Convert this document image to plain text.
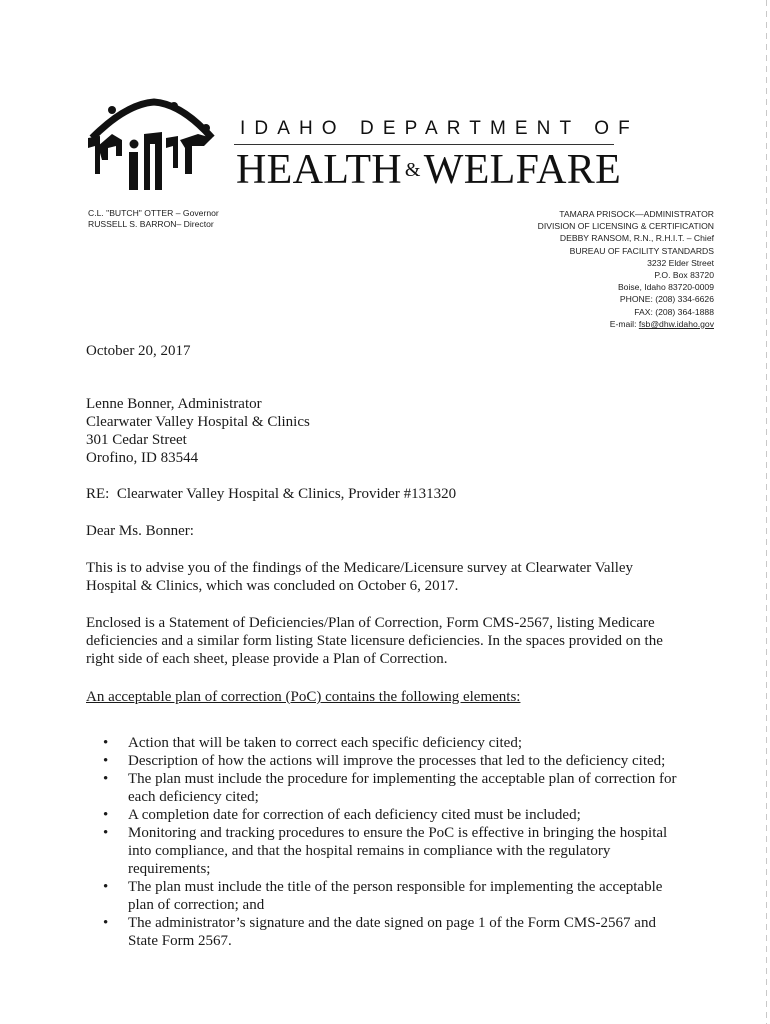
IDAHO DEPARTMENT OF
HEALTH &WELFARE
C.L. "BUTCH" OTTER – Governor
RUSSELL S. BARRON– Director
TAMARA PRISOCK—ADMINISTRATOR
DIVISION OF LICENSING & CERTIFICATION
DEBBY RANSOM, R.N., R.H.I.T. – Chief
BUREAU OF FACILITY STANDARDS
3232 Elder Street
P.O. Box 83720
Boise, Idaho 83720-0009
PHONE: (208) 334-6626
FAX: (208) 364-1888
E-mail: fsb@dhw.idaho.gov
October 20, 2017
Lenne Bonner, Administrator
Clearwater Valley Hospital & Clinics
301 Cedar Street
Orofino, ID 83544
RE:  Clearwater Valley Hospital & Clinics, Provider #131320
Dear Ms. Bonner:
This is to advise you of the findings of the Medicare/Licensure survey at Clearwater Valley Hospital & Clinics, which was concluded on October 6, 2017.
Enclosed is a Statement of Deficiencies/Plan of Correction, Form CMS-2567, listing Medicare deficiencies and a similar form listing State licensure deficiencies. In the spaces provided on the right side of each sheet, please provide a Plan of Correction.
An acceptable plan of correction (PoC) contains the following elements:
• Action that will be taken to correct each specific deficiency cited;
• Description of how the actions will improve the processes that led to the deficiency cited;
• The plan must include the procedure for implementing the acceptable plan of correction for each deficiency cited;
• A completion date for correction of each deficiency cited must be included;
• Monitoring and tracking procedures to ensure the PoC is effective in bringing the hospital into compliance, and that the hospital remains in compliance with the regulatory requirements;
• The plan must include the title of the person responsible for implementing the acceptable plan of correction; and
• The administrator’s signature and the date signed on page 1 of the Form CMS-2567 and State Form 2567.
